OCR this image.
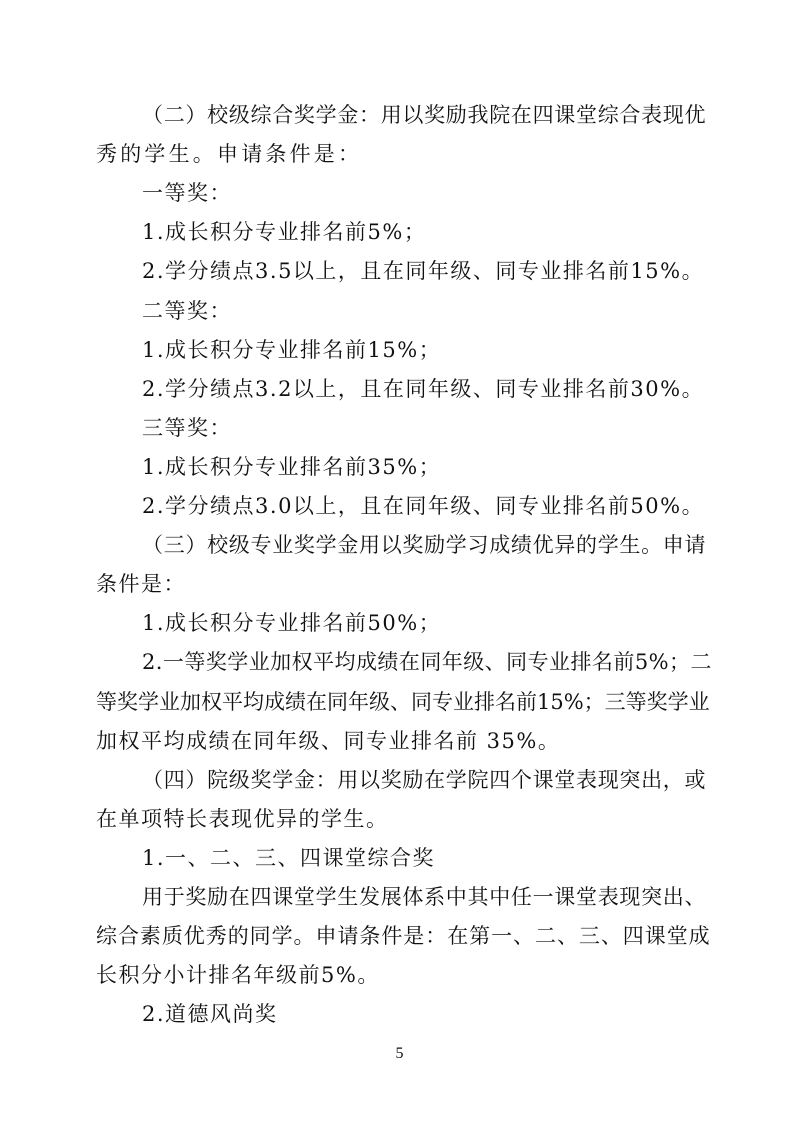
（二）校级综合奖学金：用以奖励我院在四课堂综合表现优
秀的学生。申请条件是：
一等奖：
1.成长积分专业排名前5%；
2.学分绩点3.5以上，且在同年级、同专业排名前15%。
二等奖：
1.成长积分专业排名前15%；
2.学分绩点3.2以上，且在同年级、同专业排名前30%。
三等奖：
1.成长积分专业排名前35%；
2.学分绩点3.0以上，且在同年级、同专业排名前50%。
（三）校级专业奖学金用以奖励学习成绩优异的学生。申请
条件是：
1.成长积分专业排名前50%；
2.一等奖学业加权平均成绩在同年级、同专业排名前5%；二
等奖学业加权平均成绩在同年级、同专业排名前15%；三等奖学业
加权平均成绩在同年级、同专业排名前 35%。
（四）院级奖学金：用以奖励在学院四个课堂表现突出，或
在单项特长表现优异的学生。
1.一、二、三、四课堂综合奖
用于奖励在四课堂学生发展体系中其中任一课堂表现突出、
综合素质优秀的同学。申请条件是：在第一、二、三、四课堂成
长积分小计排名年级前5%。
2.道德风尚奖
5
